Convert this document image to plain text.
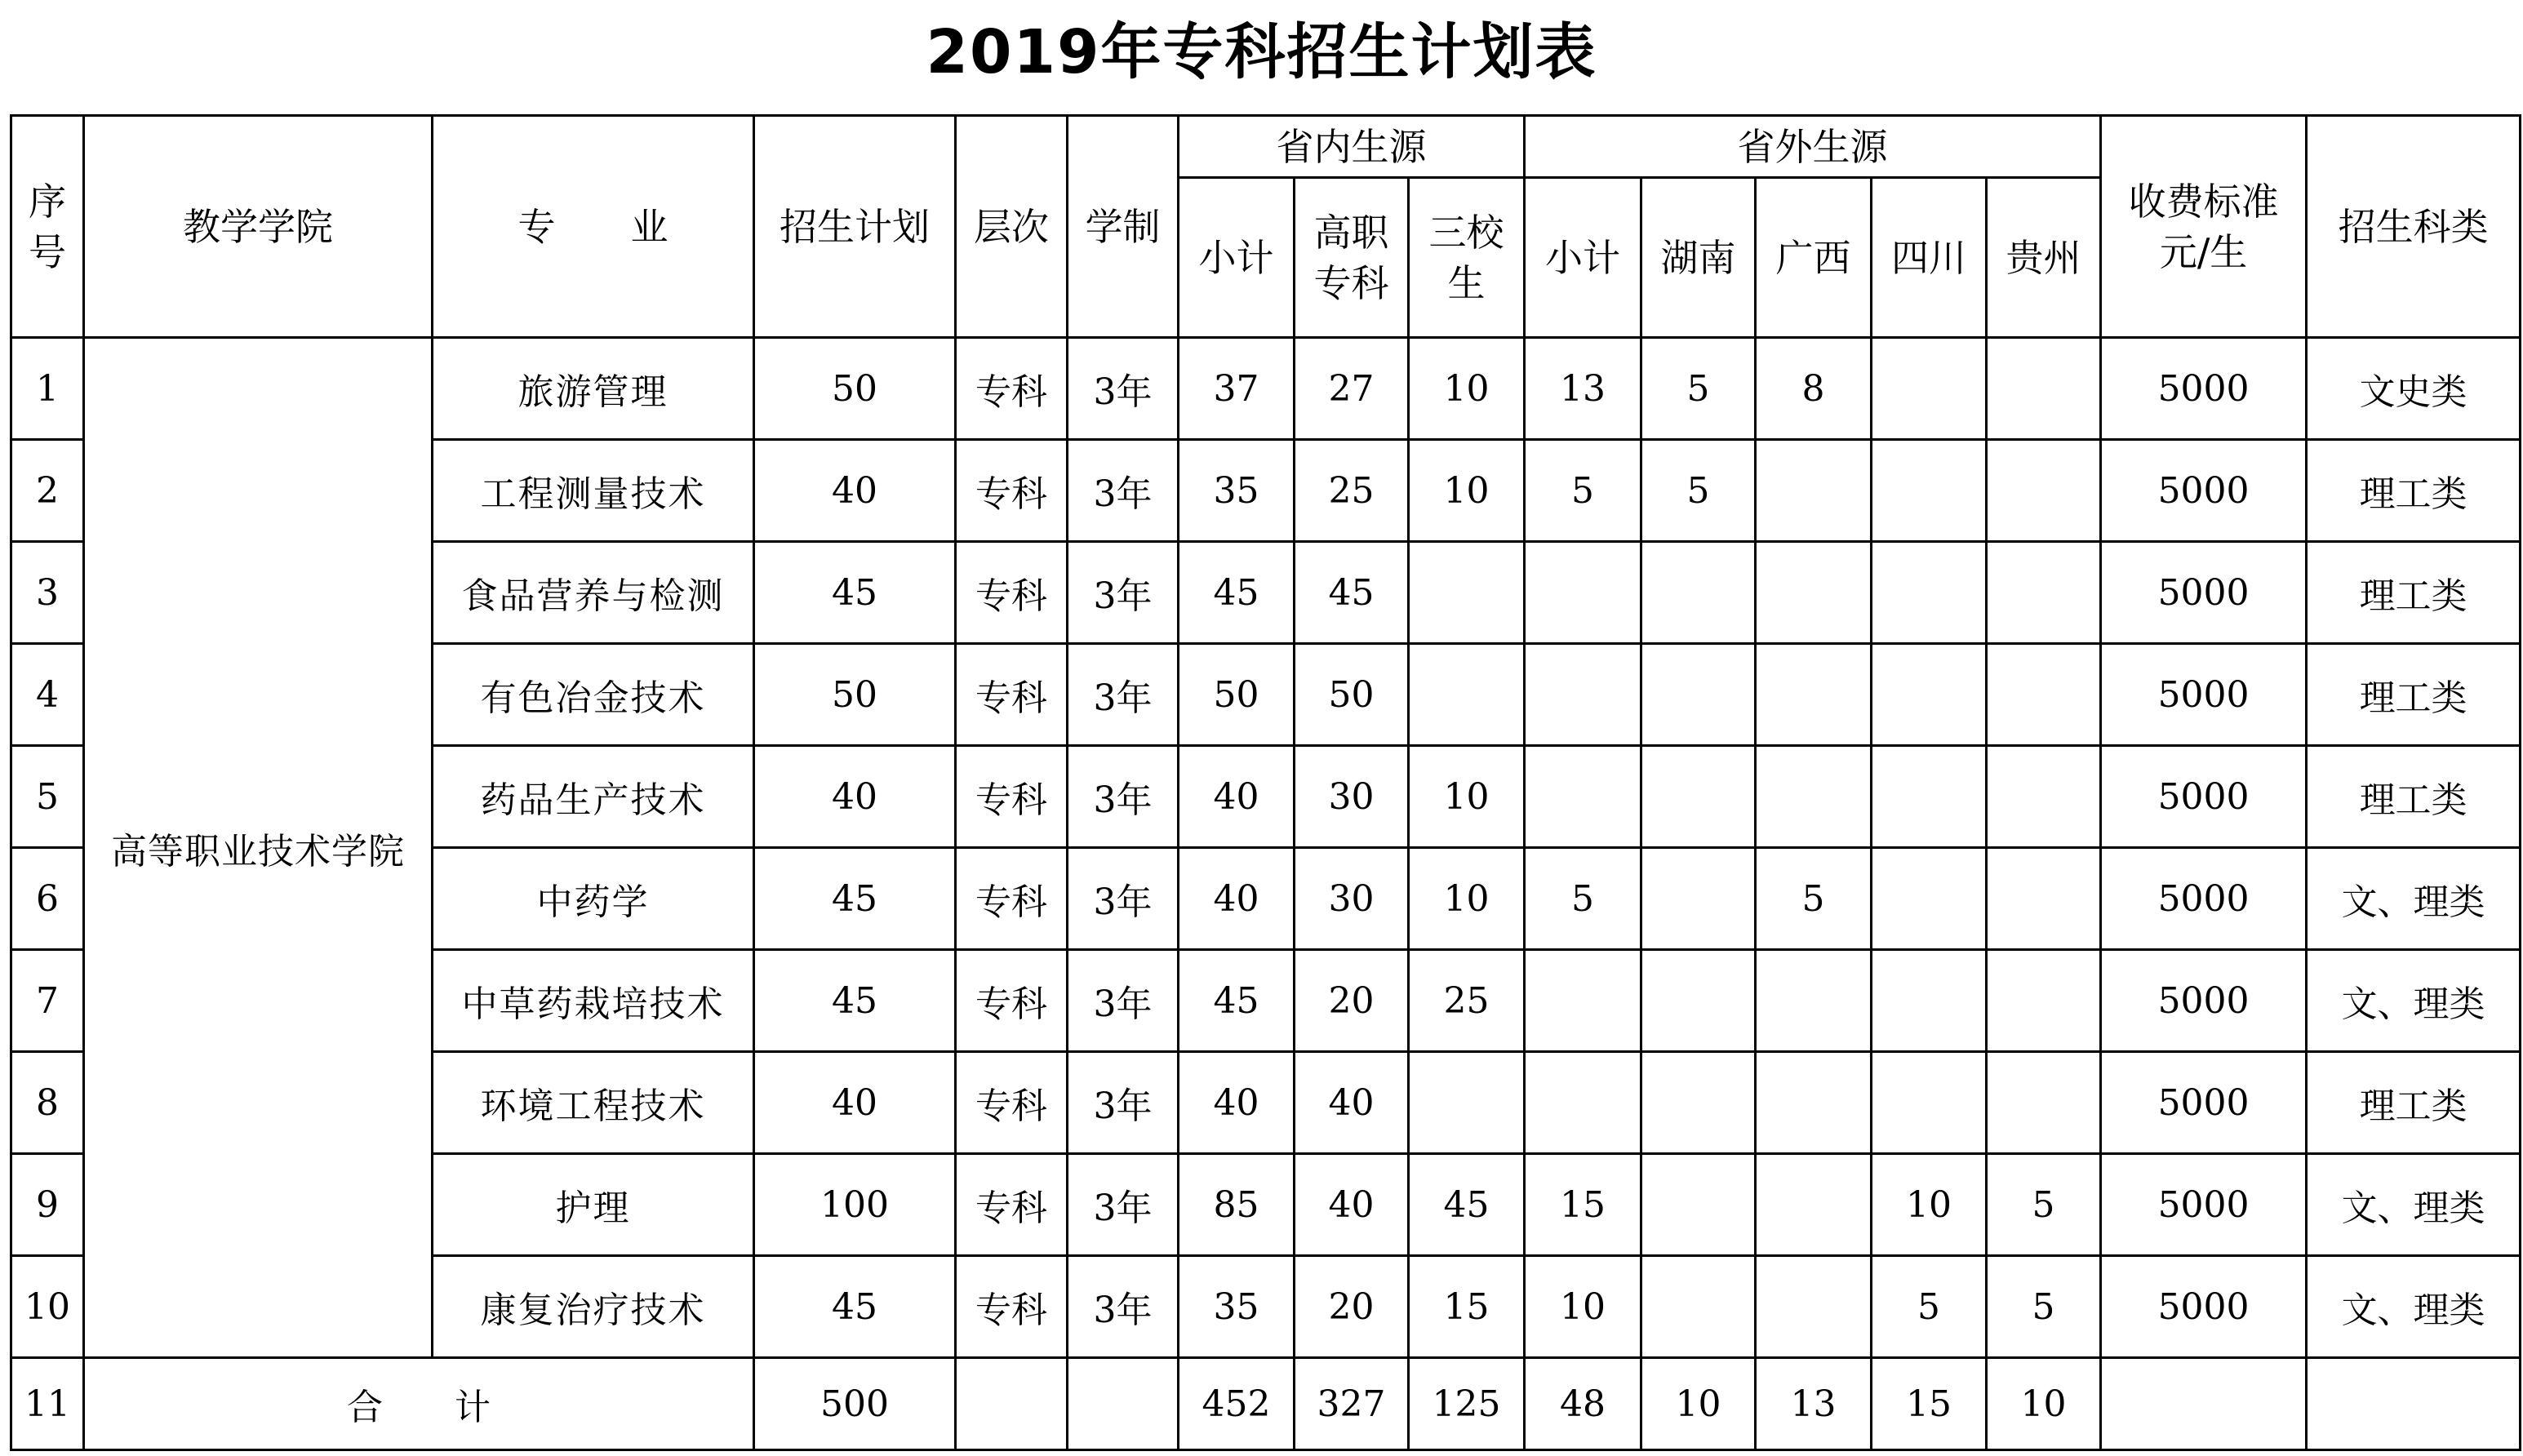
2019年专科招生计划表
序号	教学学院	专　　业	招生计划	层次	学制	省内生源			省外生源					收费标准元/生	招生科类
						小计	高职专科	三校生	小计	湖南	广西	四川	贵州		
1	高等职业技术学院	旅游管理	50	专科	3年	37	27	10	13	5	8			5000	文史类
2		工程测量技术	40	专科	3年	35	25	10	5	5				5000	理工类
3		食品营养与检测	45	专科	3年	45	45							5000	理工类
4		有色冶金技术	50	专科	3年	50	50							5000	理工类
5		药品生产技术	40	专科	3年	40	30	10						5000	理工类
6		中药学	45	专科	3年	40	30	10	5		5			5000	文、理类
7		中草药栽培技术	45	专科	3年	45	20	25						5000	文、理类
8		环境工程技术	40	专科	3年	40	40							5000	理工类
9		护理	100	专科	3年	85	40	45	15			10	5	5000	文、理类
10		康复治疗技术	45	专科	3年	35	20	15	10			5	5	5000	文、理类
11	合　　计		500			452	327	125	48	10	13	15	10		
